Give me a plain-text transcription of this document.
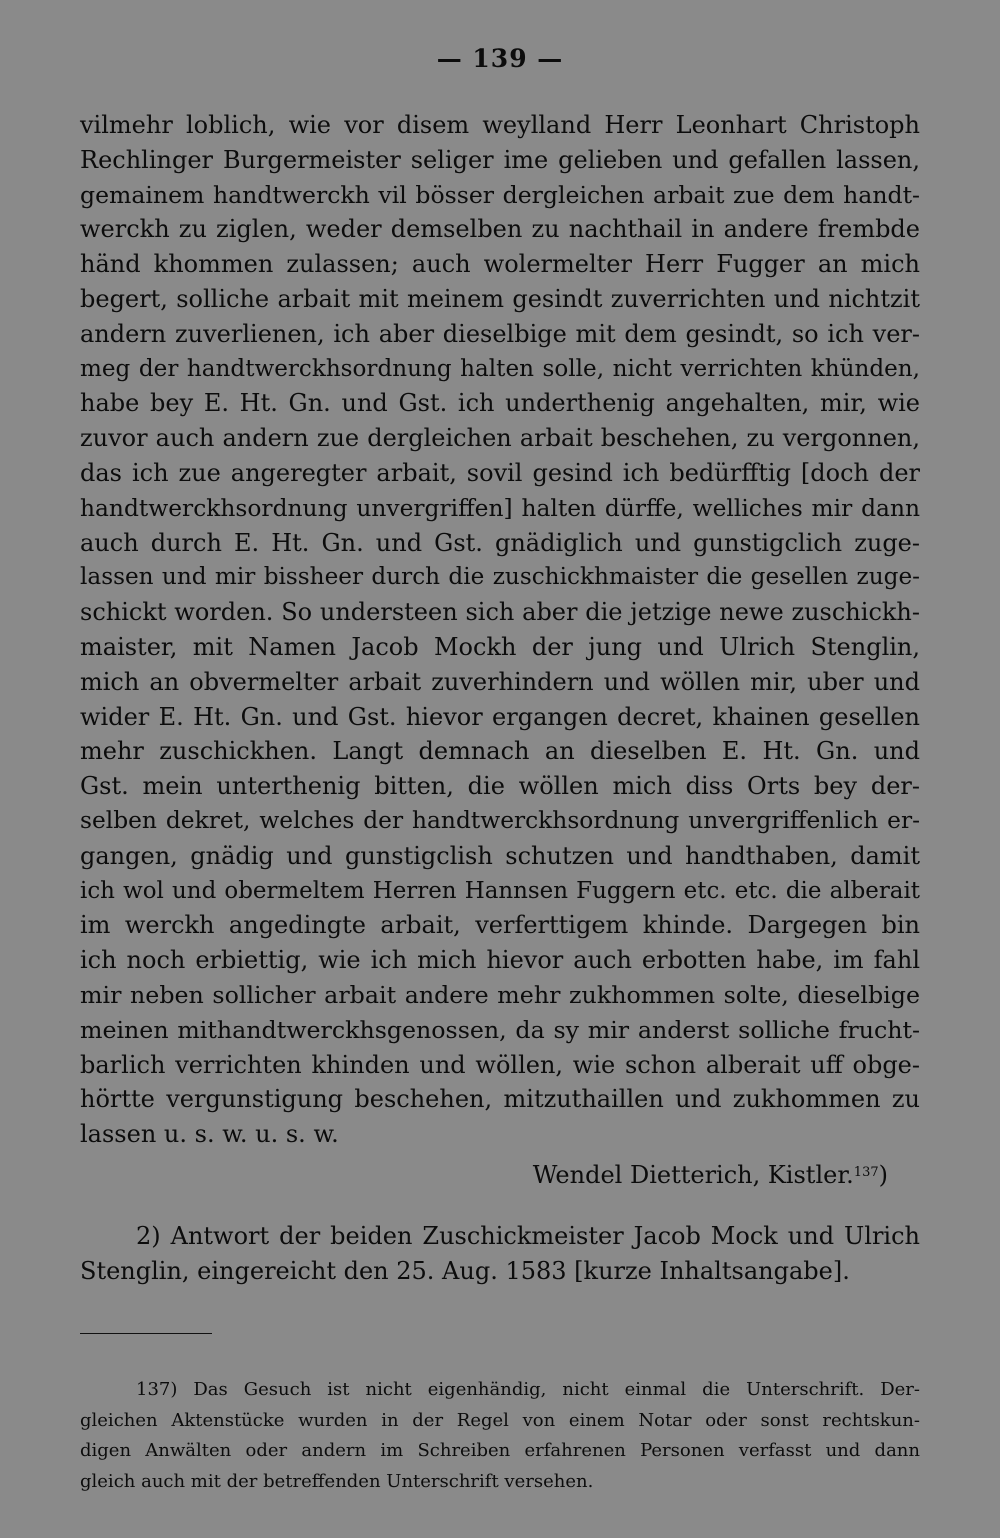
— 139 —
vilmehr loblich, wie vor disem weylland Herr Leonhart Christoph
Rechlinger Burgermeister seliger ime gelieben und gefallen lassen,
gemainem handtwerckh vil bösser dergleichen arbait zue dem handt-
werckh zu ziglen, weder demselben zu nachthail in andere frembde
händ khommen zulassen; auch wolermelter Herr Fugger an mich
begert, solliche arbait mit meinem gesindt zuverrichten und nichtzit
andern zuverlienen, ich aber dieselbige mit dem gesindt, so ich ver-
meg der handtwerckhsordnung halten solle, nicht verrichten khünden,
habe bey E. Ht. Gn. und Gst. ich underthenig angehalten, mir, wie
zuvor auch andern zue dergleichen arbait beschehen, zu vergonnen,
das ich zue angeregter arbait, sovil gesind ich bedürfftig [doch der
handtwerckhsordnung unvergriffen] halten dürffe, welliches mir dann
auch durch E. Ht. Gn. und Gst. gnädiglich und gunstigclich zuge-
lassen und mir bissheer durch die zuschickhmaister die gesellen zuge-
schickt worden. So understeen sich aber die jetzige newe zuschickh-
maister, mit Namen Jacob Mockh der jung und Ulrich Stenglin,
mich an obvermelter arbait zuverhindern und wöllen mir, uber und
wider E. Ht. Gn. und Gst. hievor ergangen decret, khainen gesellen
mehr zuschickhen. Langt demnach an dieselben E. Ht. Gn. und
Gst. mein unterthenig bitten, die wöllen mich diss Orts bey der-
selben dekret, welches der handtwerckhsordnung unvergriffenlich er-
gangen, gnädig und gunstigclish schutzen und handthaben, damit
ich wol und obermeltem Herren Hannsen Fuggern etc. etc. die alberait
im werckh angedingte arbait, verferttigem khinde. Dargegen bin
ich noch erbiettig, wie ich mich hievor auch erbotten habe, im fahl
mir neben sollicher arbait andere mehr zukhommen solte, dieselbige
meinen mithandtwerckhsgenossen, da sy mir anderst solliche frucht-
barlich verrichten khinden und wöllen, wie schon alberait uff obge-
hörtte vergunstigung beschehen, mitzuthaillen und zukhommen zu
lassen u. s. w. u. s. w.
Wendel Dietterich, Kistler.$^{137}$)
2) Antwort der beiden Zuschickmeister Jacob Mock und Ulrich
Stenglin, eingereicht den 25. Aug. 1583 [kurze Inhaltsangabe].
137) Das Gesuch ist nicht eigenhändig, nicht einmal die Unterschrift. Der-
gleichen Aktenstücke wurden in der Regel von einem Notar oder sonst rechtskun-
digen Anwälten oder andern im Schreiben erfahrenen Personen verfasst und dann
gleich auch mit der betreffenden Unterschrift versehen.
